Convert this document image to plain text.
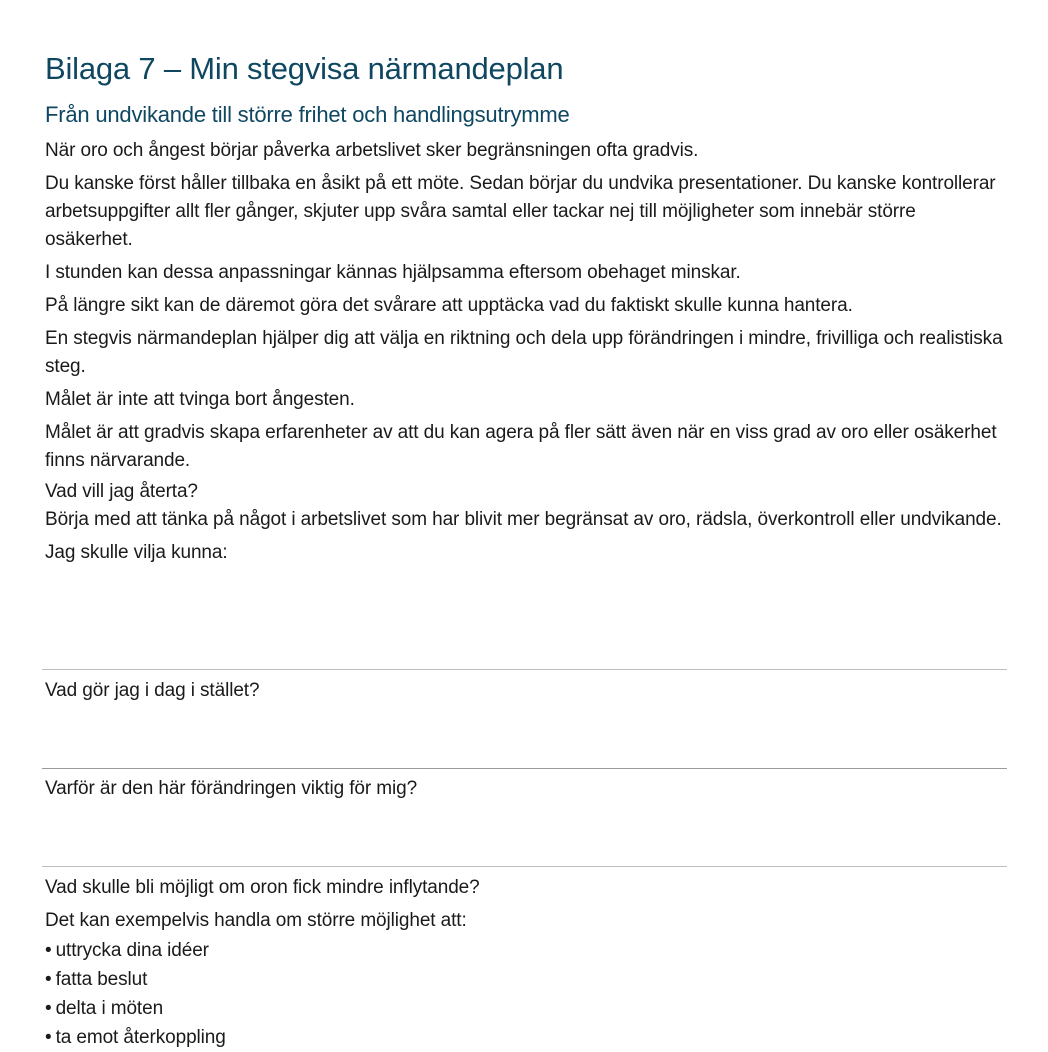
Bilaga 7 – Min stegvisa närmandeplan
Från undvikande till större frihet och handlingsutrymme

När oro och ångest börjar påverka arbetslivet sker begränsningen ofta gradvis.

Du kanske först håller tillbaka en åsikt på ett möte. Sedan börjar du undvika presentationer. Du kanske kontrollerar arbetsuppgifter allt fler gånger, skjuter upp svåra samtal eller tackar nej till möjligheter som innebär större osäkerhet.

I stunden kan dessa anpassningar kännas hjälpsamma eftersom obehaget minskar.

På längre sikt kan de däremot göra det svårare att upptäcka vad du faktiskt skulle kunna hantera.

En stegvis närmandeplan hjälper dig att välja en riktning och dela upp förändringen i mindre, frivilliga och realistiska steg.

Målet är inte att tvinga bort ångesten.

Målet är att gradvis skapa erfarenheter av att du kan agera på fler sätt även när en viss grad av oro eller osäkerhet finns närvarande.

Vad vill jag återta?

Börja med att tänka på något i arbetslivet som har blivit mer begränsat av oro, rädsla, överkontroll eller undvikande.

Jag skulle vilja kunna:

Vad gör jag i dag i stället?

Varför är den här förändringen viktig för mig?

Vad skulle bli möjligt om oron fick mindre inflytande?

Det kan exempelvis handla om större möjlighet att:

• uttrycka dina idéer
• fatta beslut
• delta i möten
• ta emot återkoppling
